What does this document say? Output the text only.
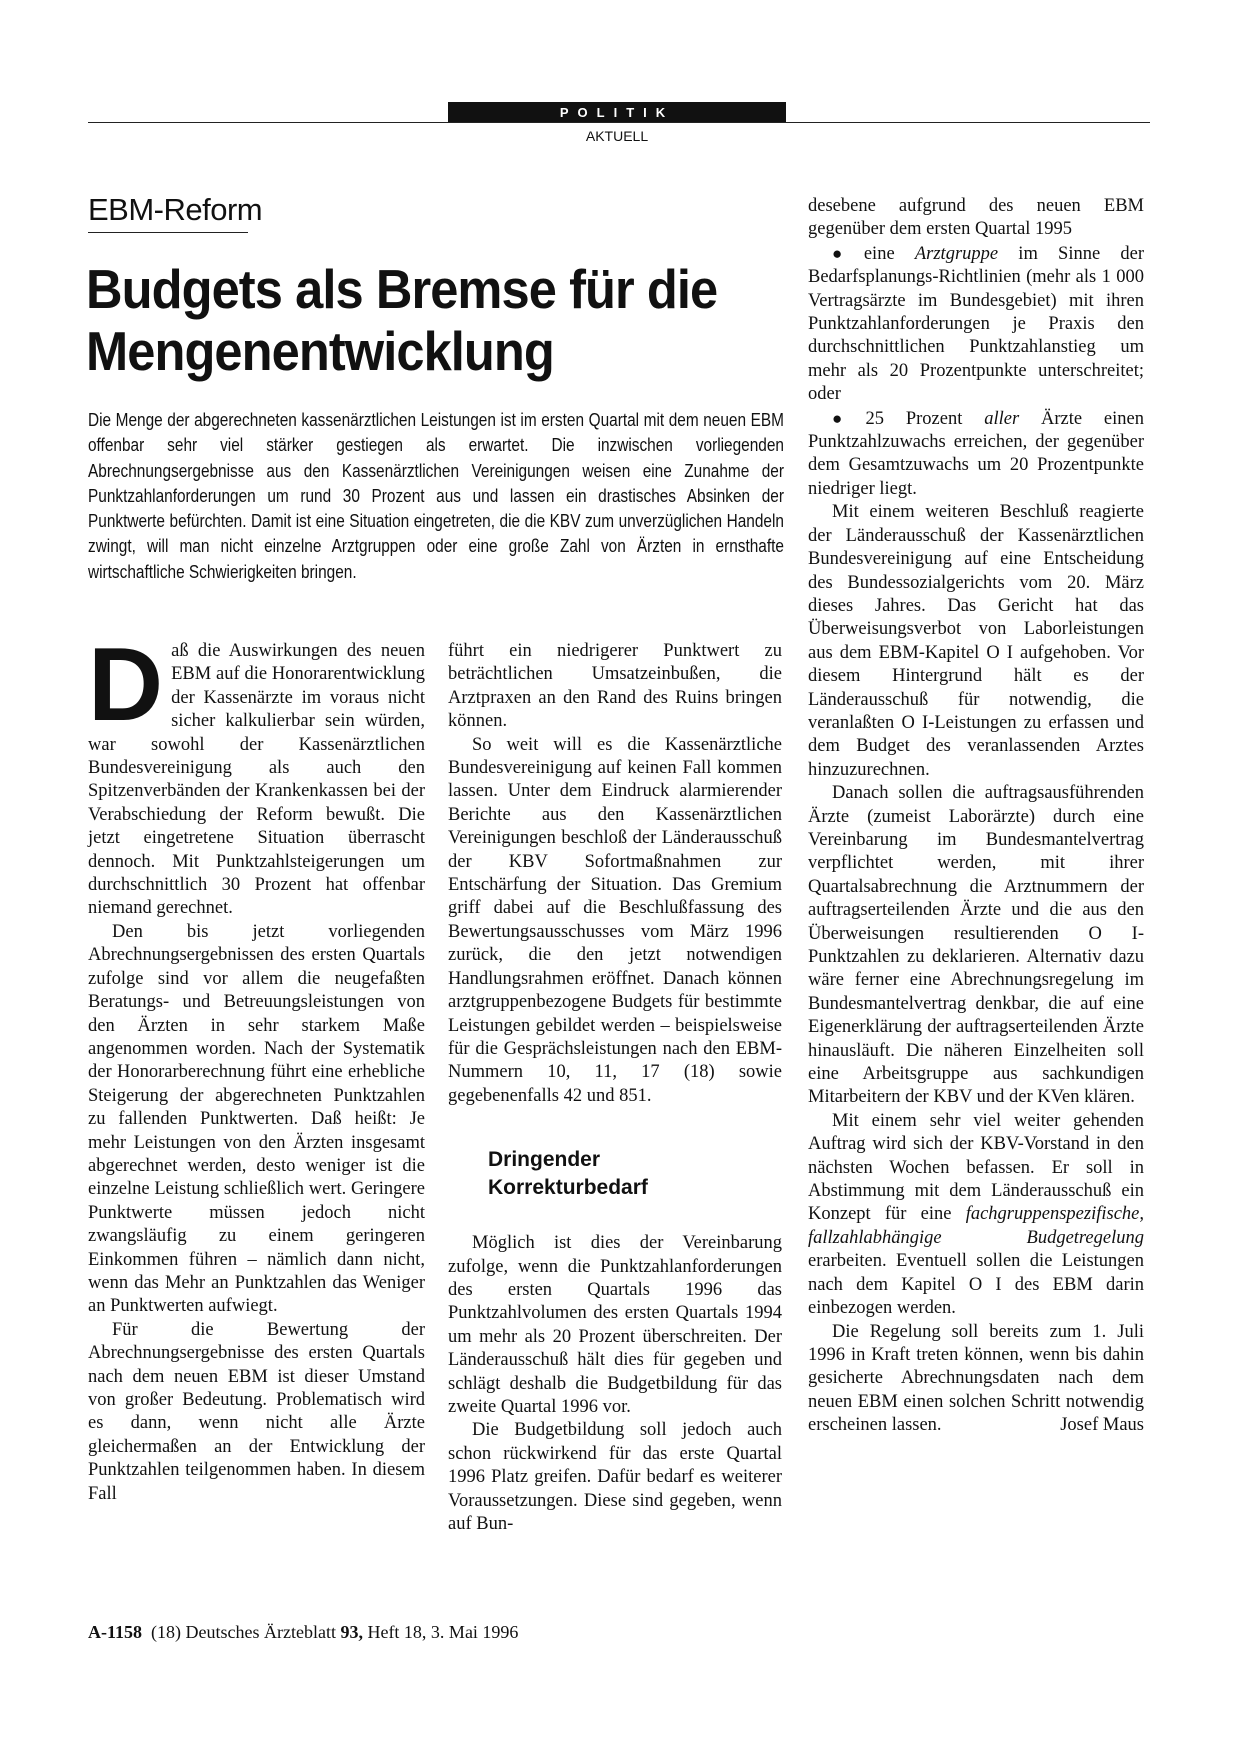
POLITIK
AKTUELL
EBM-Reform
Budgets als Bremse für die Mengenentwicklung

Die Menge der abgerechneten kassenärztlichen Leistungen ist im ersten Quartal mit dem neuen EBM offenbar sehr viel stärker gestiegen als erwartet. Die inzwischen vorliegenden Abrechnungsergebnisse aus den Kassenärztlichen Vereinigungen weisen eine Zunahme der Punktzahlanforderungen um rund 30 Prozent aus und lassen ein drastisches Absinken der Punktwerte befürchten. Damit ist eine Situation eingetreten, die die KBV zum unverzüglichen Handeln zwingt, will man nicht einzelne Arztgruppen oder eine große Zahl von Ärzten in ernsthafte wirtschaftliche Schwierigkeiten bringen.

Daß die Auswirkungen des neuen EBM auf die Honorarentwicklung der Kassenärzte im voraus nicht sicher kalkulierbar sein würden, war sowohl der Kassenärztlichen Bundesvereinigung als auch den Spitzenverbänden der Krankenkassen bei der Verabschiedung der Reform bewußt. Die jetzt eingetretene Situation überrascht dennoch. Mit Punktzahlsteigerungen um durchschnittlich 30 Prozent hat offenbar niemand gerechnet.

Den bis jetzt vorliegenden Abrechnungsergebnissen des ersten Quartals zufolge sind vor allem die neugefaßten Beratungs- und Betreuungsleistungen von den Ärzten in sehr starkem Maße angenommen worden. Nach der Systematik der Honorarberechnung führt eine erhebliche Steigerung der abgerechneten Punktzahlen zu fallenden Punktwerten. Daß heißt: Je mehr Leistungen von den Ärzten insgesamt abgerechnet werden, desto weniger ist die einzelne Leistung schließlich wert. Geringere Punktwerte müssen jedoch nicht zwangsläufig zu einem geringeren Einkommen führen – nämlich dann nicht, wenn das Mehr an Punktzahlen das Weniger an Punktwerten aufwiegt.

Für die Bewertung der Abrechnungsergebnisse des ersten Quartals nach dem neuen EBM ist dieser Umstand von großer Bedeutung. Problematisch wird es dann, wenn nicht alle Ärzte gleichermaßen an der Entwicklung der Punktzahlen teilgenommen haben. In diesem Fall

führt ein niedrigerer Punktwert zu beträchtlichen Umsatzeinbußen, die Arztpraxen an den Rand des Ruins bringen können.

So weit will es die Kassenärztliche Bundesvereinigung auf keinen Fall kommen lassen. Unter dem Eindruck alarmierender Berichte aus den Kassenärztlichen Vereinigungen beschloß der Länderausschuß der KBV Sofortmaßnahmen zur Entschärfung der Situation. Das Gremium griff dabei auf die Beschlußfassung des Bewertungsausschusses vom März 1996 zurück, die den jetzt notwendigen Handlungsrahmen eröffnet. Danach können arztgruppenbezogene Budgets für bestimmte Leistungen gebildet werden – beispielsweise für die Gesprächsleistungen nach den EBM-Nummern 10, 11, 17 (18) sowie gegebenenfalls 42 und 851.

Dringender
Korrekturbedarf

Möglich ist dies der Vereinbarung zufolge, wenn die Punktzahlanforderungen des ersten Quartals 1996 das Punktzahlvolumen des ersten Quartals 1994 um mehr als 20 Prozent überschreiten. Der Länderausschuß hält dies für gegeben und schlägt deshalb die Budgetbildung für das zweite Quartal 1996 vor.

Die Budgetbildung soll jedoch auch schon rückwirkend für das erste Quartal 1996 Platz greifen. Dafür bedarf es weiterer Voraussetzungen. Diese sind gegeben, wenn auf Bun-

desebene aufgrund des neuen EBM gegenüber dem ersten Quartal 1995

● eine Arztgruppe im Sinne der Bedarfsplanungs-Richtlinien (mehr als 1 000 Vertragsärzte im Bundesgebiet) mit ihren Punktzahlanforderungen je Praxis den durchschnittlichen Punktzahlanstieg um mehr als 20 Prozentpunkte unterschreitet; oder

● 25 Prozent aller Ärzte einen Punktzahlzuwachs erreichen, der gegenüber dem Gesamtzuwachs um 20 Prozentpunkte niedriger liegt.

Mit einem weiteren Beschluß reagierte der Länderausschuß der Kassenärztlichen Bundesvereinigung auf eine Entscheidung des Bundessozialgerichts vom 20. März dieses Jahres. Das Gericht hat das Überweisungsverbot von Laborleistungen aus dem EBM-Kapitel O I aufgehoben. Vor diesem Hintergrund hält es der Länderausschuß für notwendig, die veranlaßten O I-Leistungen zu erfassen und dem Budget des veranlassenden Arztes hinzuzurechnen.

Danach sollen die auftragsausführenden Ärzte (zumeist Laborärzte) durch eine Vereinbarung im Bundesmantelvertrag verpflichtet werden, mit ihrer Quartalsabrechnung die Arztnummern der auftragserteilenden Ärzte und die aus den Überweisungen resultierenden O I-Punktzahlen zu deklarieren. Alternativ dazu wäre ferner eine Abrechnungsregelung im Bundesmantelvertrag denkbar, die auf eine Eigenerklärung der auftragserteilenden Ärzte hinausläuft. Die näheren Einzelheiten soll eine Arbeitsgruppe aus sachkundigen Mitarbeitern der KBV und der KVen klären.

Mit einem sehr viel weiter gehenden Auftrag wird sich der KBV-Vorstand in den nächsten Wochen befassen. Er soll in Abstimmung mit dem Länderausschuß ein Konzept für eine fachgruppenspezifische, fallzahlabhängige Budgetregelung erarbeiten. Eventuell sollen die Leistungen nach dem Kapitel O I des EBM darin einbezogen werden.

Die Regelung soll bereits zum 1. Juli 1996 in Kraft treten können, wenn bis dahin gesicherte Abrechnungsdaten nach dem neuen EBM einen solchen Schritt notwendig erscheinen lassen.	Josef Maus

A-1158 (18) Deutsches Ärzteblatt 93, Heft 18, 3. Mai 1996
